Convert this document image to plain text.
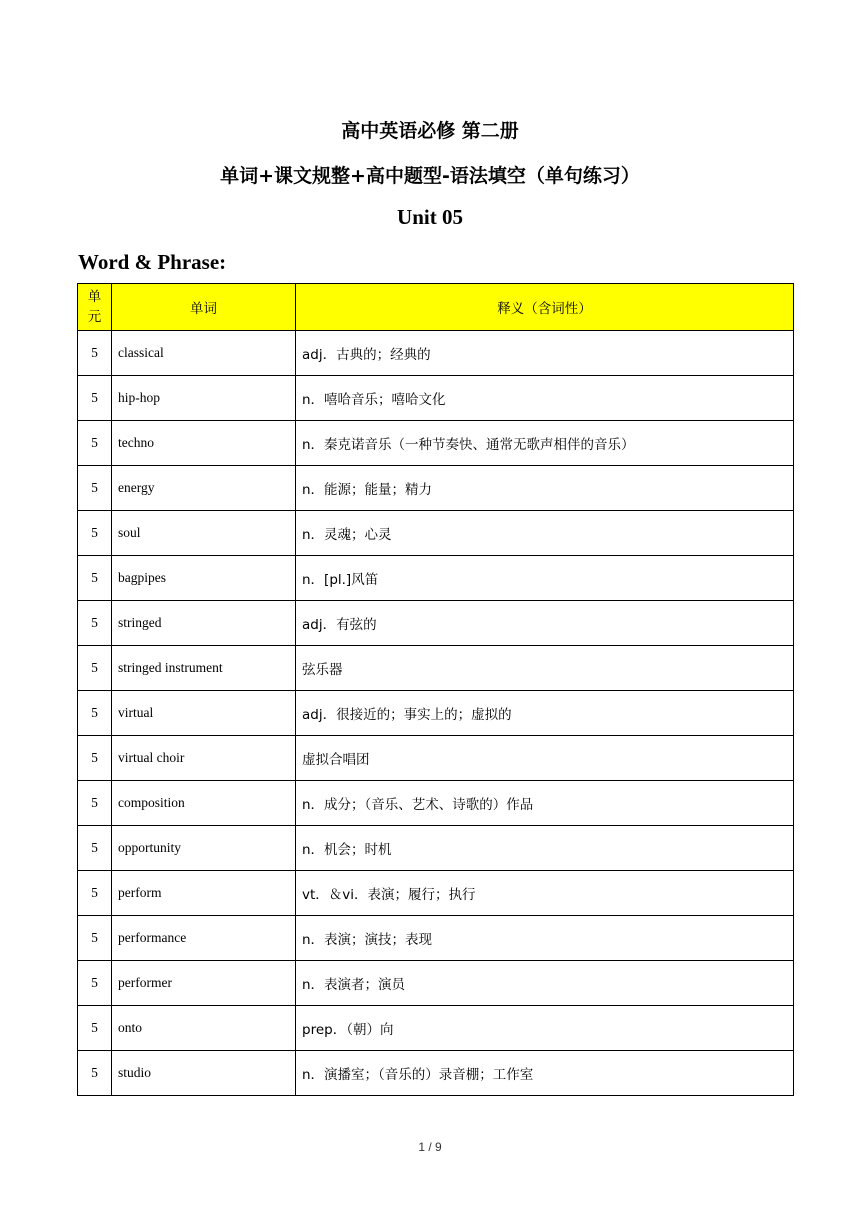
高中英语必修 第二册
单词+课文规整+高中题型-语法填空（单句练习）
Unit 05
Word & Phrase:
单元	单词	释义（含词性）
5	classical	adj．古典的；经典的
5	hip-hop	n．嘻哈音乐；嘻哈文化
5	techno	n．秦克诺音乐（一种节奏快、通常无歌声相伴的音乐）
5	energy	n．能源；能量；精力
5	soul	n．灵魂；心灵
5	bagpipes	n．[pl.]风笛
5	stringed	adj．有弦的
5	stringed instrument	弦乐器
5	virtual	adj．很接近的；事实上的；虚拟的
5	virtual choir	虚拟合唱团
5	composition	n．成分；（音乐、艺术、诗歌的）作品
5	opportunity	n．机会；时机
5	perform	vt．＆vi．表演；履行；执行
5	performance	n．表演；演技；表现
5	performer	n．表演者；演员
5	onto	prep．（朝）向
5	studio	n．演播室；（音乐的）录音棚；工作室
1 / 9
